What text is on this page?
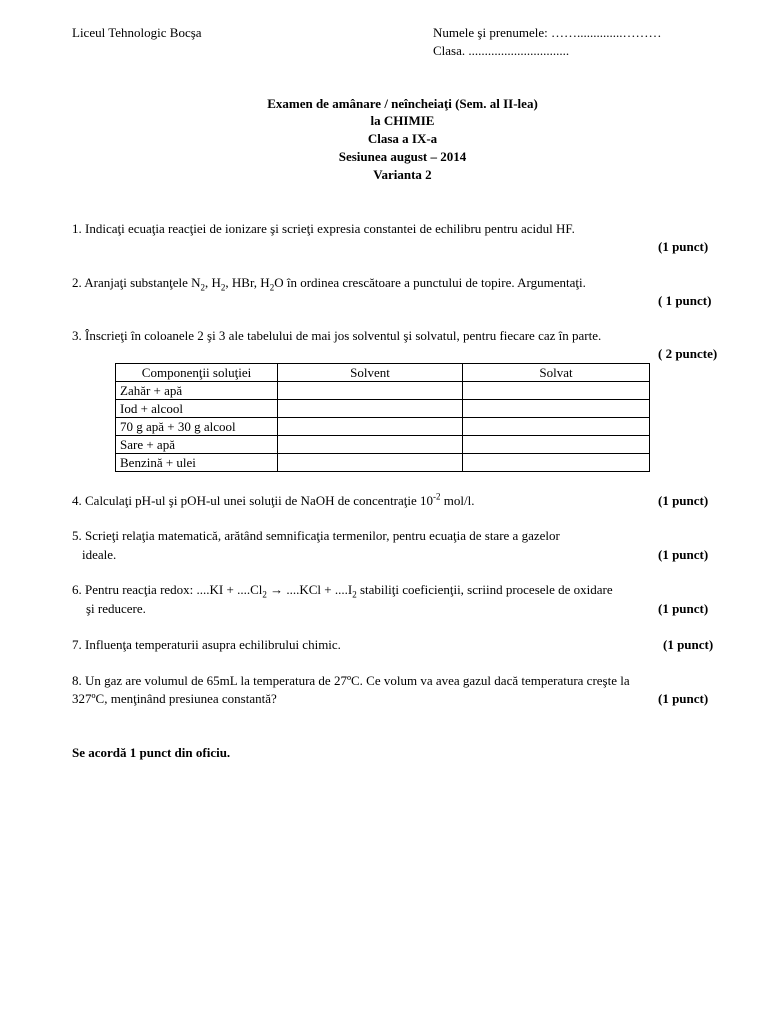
Liceul Tehnologic Bocşa	Numele şi prenumele: ……..............………
Clasa. ...............................
Examen de amânare / neîncheiaţi (Sem. al II-lea)
la CHIMIE
Clasa a IX-a
Sesiunea august – 2014
Varianta 2
1. Indicaţi ecuaţia reacţiei de ionizare şi scrieţi expresia constantei de echilibru pentru acidul HF.
(1 punct)
2. Aranjaţi substanţele $N_2$, $H_2$, HBr, $H_2O$ în ordinea crescătoare a punctului de topire. Argumentaţi.
( 1 punct)
3. Înscrieţi în coloanele 2 şi 3 ale tabelului de mai jos solventul şi solvatul, pentru fiecare caz în parte.
( 2 puncte)
Componenţii soluţiei	Solvent	Solvat
Zahăr + apă		
Iod + alcool		
70 g apă + 30 g alcool		
Sare + apă		
Benzină + ulei		
4. Calculaţi pH-ul şi pOH-ul unei soluţii de NaOH de concentraţie $10^{-2}$ mol/l.	(1 punct)
5. Scrieţi relaţia matematică, arătând semnificaţia termenilor, pentru ecuaţia de stare a gazelor
ideale.	(1 punct)
6. Pentru reacţia redox: $....KI + ....Cl_2 \to ....KCl + ....I_2$ stabiliţi coeficienţii, scriind procesele de oxidare
şi reducere.	(1 punct)
7. Influenţa temperaturii asupra echilibrului chimic.	(1 punct)
8. Un gaz are volumul de 65mL la temperatura de 27ºC. Ce volum va avea gazul dacă temperatura creşte la
327ºC, menţinând presiunea constantă?	(1 punct)
Se acordă 1 punct din oficiu.
